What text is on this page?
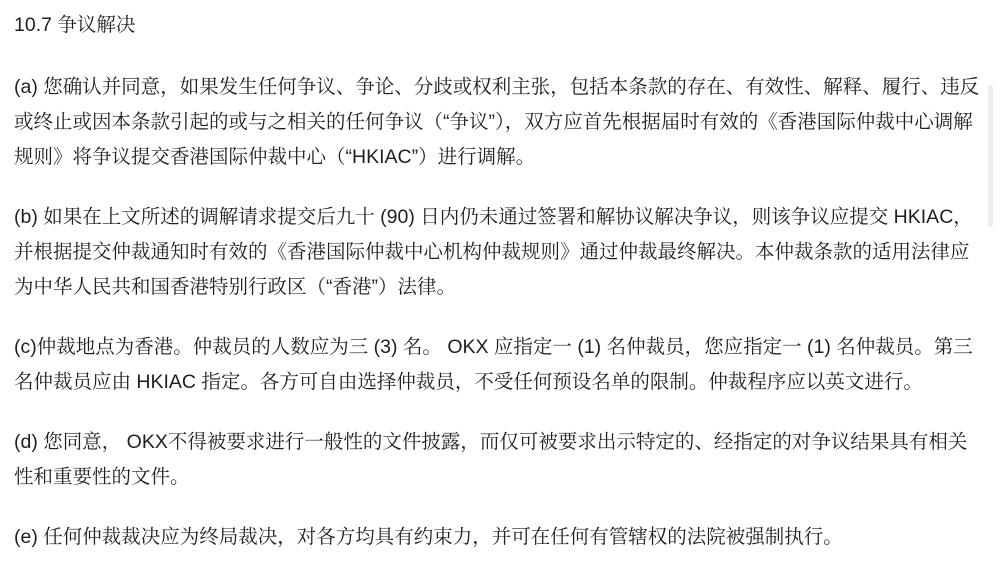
10.7 争议解决

(a) 您确认并同意，如果发生任何争议、争论、分歧或权利主张，包括本条款的存在、有效性、解释、履行、违反或终止或因本条款引起的或与之相关的任何争议（“争议”），双方应首先根据届时有效的《香港国际仲裁中心调解规则》将争议提交香港国际仲裁中心（“HKIAC”）进行调解。

(b) 如果在上文所述的调解请求提交后九十 (90) 日内仍未通过签署和解协议解决争议，则该争议应提交 HKIAC，并根据提交仲裁通知时有效的《香港国际仲裁中心机构仲裁规则》通过仲裁最终解决。本仲裁条款的适用法律应为中华人民共和国香港特别行政区（“香港”）法律。

(c)仲裁地点为香港。仲裁员的人数应为三 (3) 名。 OKX 应指定一 (1) 名仲裁员，您应指定一 (1) 名仲裁员。第三名仲裁员应由 HKIAC 指定。各方可自由选择仲裁员，不受任何预设名单的限制。仲裁程序应以英文进行。

(d) 您同意， OKX不得被要求进行一般性的文件披露，而仅可被要求出示特定的、经指定的对争议结果具有相关性和重要性的文件。

(e) 任何仲裁裁决应为终局裁决，对各方均具有约束力，并可在任何有管辖权的法院被强制执行。
